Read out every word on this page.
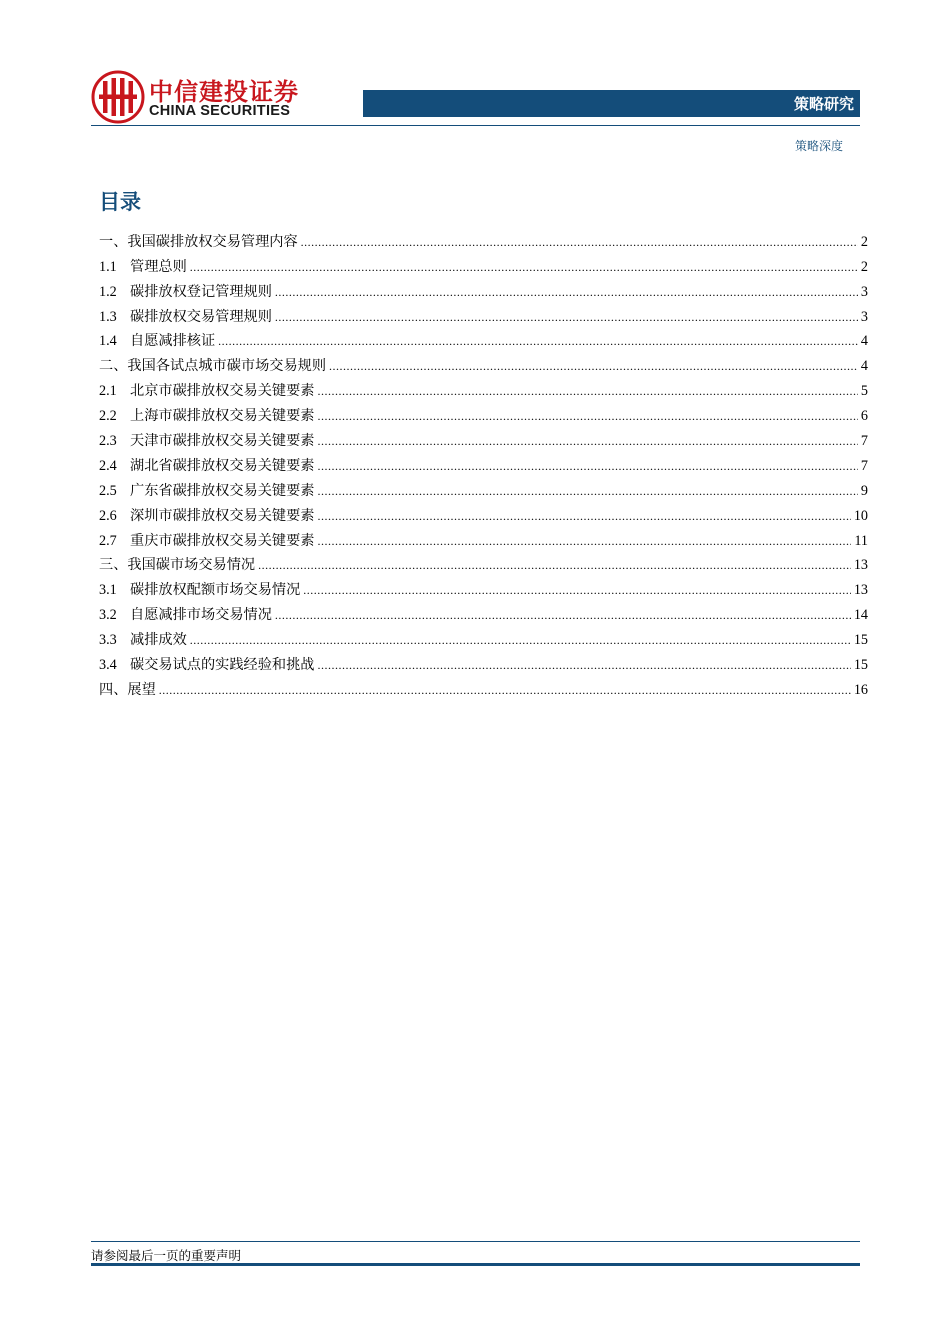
中信建投证券
CHINA SECURITIES	策略研究
策略深度
目录
一、 我国碳排放权交易管理内容 .....	2
1.1 管理总则 .....	2
1.2 碳排放权登记管理规则 .....	3
1.3 碳排放权交易管理规则 .....	3
1.4 自愿减排核证 .....	4
二、 我国各试点城市碳市场交易规则 .....	4
2.1 北京市碳排放权交易关键要素 .....	5
2.2 上海市碳排放权交易关键要素 .....	6
2.3 天津市碳排放权交易关键要素 .....	7
2.4 湖北省碳排放权交易关键要素 .....	7
2.5 广东省碳排放权交易关键要素 .....	9
2.6 深圳市碳排放权交易关键要素 .....	10
2.7 重庆市碳排放权交易关键要素 .....	11
三、 我国碳市场交易情况 .....	13
3.1 碳排放权配额市场交易情况 .....	13
3.2 自愿减排市场交易情况 .....	14
3.3 减排成效 .....	15
3.4 碳交易试点的实践经验和挑战 .....	15
四、 展望 .....	16
请参阅最后一页的重要声明
